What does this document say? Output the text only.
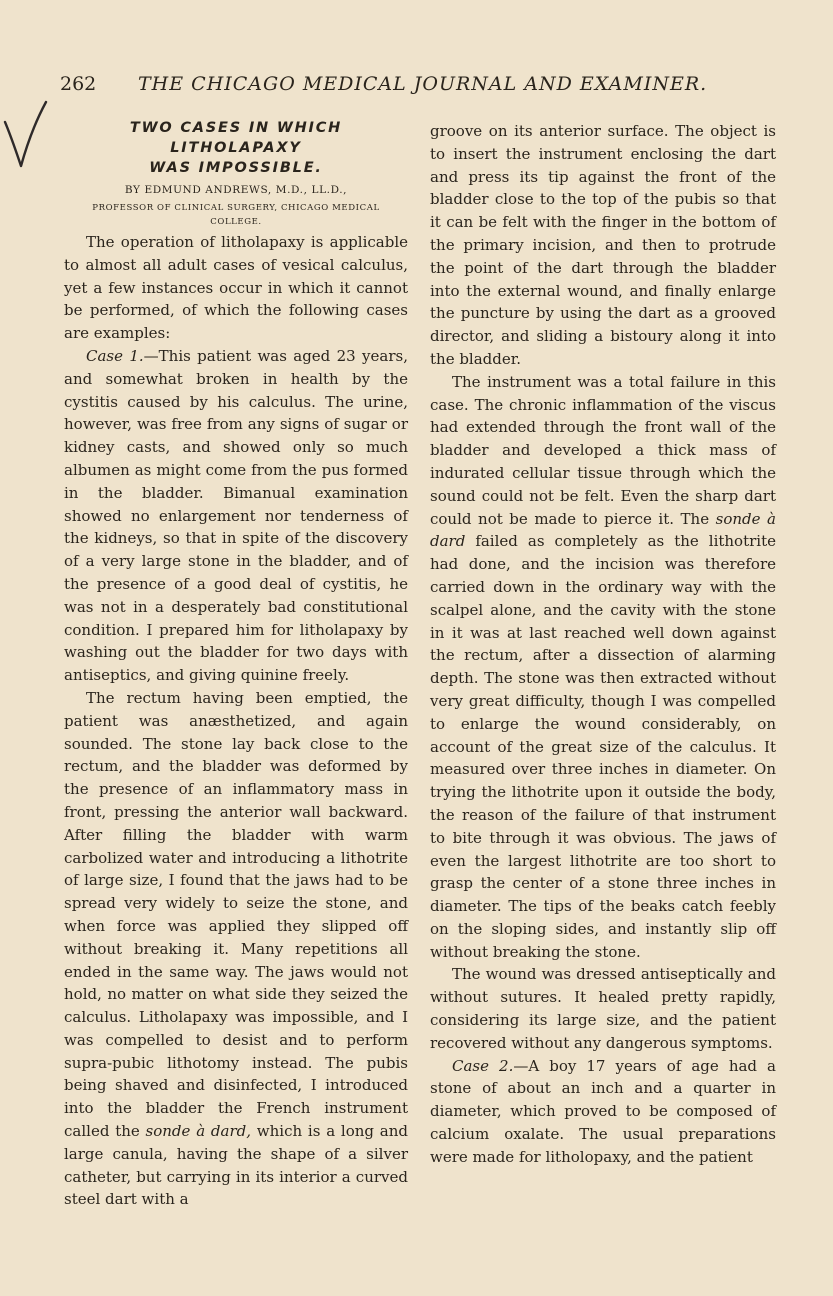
262 THE CHICAGO MEDICAL JOURNAL AND EXAMINER.
TWO CASES IN WHICH LITHOLAPAXY
WAS IMPOSSIBLE.
BY EDMUND ANDREWS, M.D., LL.D.,
PROFESSOR OF CLINICAL SURGERY, CHICAGO MEDICAL
COLLEGE.

The operation of litholapaxy is applicable to almost all adult cases of vesical calculus, yet a few instances occur in which it cannot be performed, of which the following cases are examples:

Case 1.—This patient was aged 23 years, and somewhat broken in health by the cystitis caused by his calculus. The urine, however, was free from any signs of sugar or kidney casts, and showed only so much albumen as might come from the pus formed in the bladder. Bimanual examination showed no enlargement nor tenderness of the kidneys, so that in spite of the discovery of a very large stone in the bladder, and of the presence of a good deal of cystitis, he was not in a desperately bad constitutional condition. I prepared him for litholapaxy by washing out the bladder for two days with antiseptics, and giving quinine freely.

The rectum having been emptied, the patient was anæsthetized, and again sounded. The stone lay back close to the rectum, and the bladder was deformed by the presence of an inflammatory mass in front, pressing the anterior wall backward. After filling the bladder with warm carbolized water and introducing a lithotrite of large size, I found that the jaws had to be spread very widely to seize the stone, and when force was applied they slipped off without breaking it. Many repetitions all ended in the same way. The jaws would not hold, no matter on what side they seized the calculus. Litholapaxy was impossible, and I was compelled to desist and to perform supra-pubic lithotomy instead. The pubis being shaved and disinfected, I introduced into the bladder the French instrument called the sonde à dard, which is a long and large canula, having the shape of a silver catheter, but carrying in its interior a curved steel dart with a

groove on its anterior surface. The object is to insert the instrument enclosing the dart and press its tip against the front of the bladder close to the top of the pubis so that it can be felt with the finger in the bottom of the primary incision, and then to protrude the point of the dart through the bladder into the external wound, and finally enlarge the puncture by using the dart as a grooved director, and sliding a bistoury along it into the bladder.

The instrument was a total failure in this case. The chronic inflammation of the viscus had extended through the front wall of the bladder and developed a thick mass of indurated cellular tissue through which the sound could not be felt. Even the sharp dart could not be made to pierce it. The sonde à dard failed as completely as the lithotrite had done, and the incision was therefore carried down in the ordinary way with the scalpel alone, and the cavity with the stone in it was at last reached well down against the rectum, after a dissection of alarming depth. The stone was then extracted without very great difficulty, though I was compelled to enlarge the wound considerably, on account of the great size of the calculus. It measured over three inches in diameter. On trying the lithotrite upon it outside the body, the reason of the failure of that instrument to bite through it was obvious. The jaws of even the largest lithotrite are too short to grasp the center of a stone three inches in diameter. The tips of the beaks catch feebly on the sloping sides, and instantly slip off without breaking the stone.

The wound was dressed antiseptically and without sutures. It healed pretty rapidly, considering its large size, and the patient recovered without any dangerous symptoms.

Case 2.—A boy 17 years of age had a stone of about an inch and a quarter in diameter, which proved to be composed of calcium oxalate. The usual preparations were made for litholopaxy, and the patient
